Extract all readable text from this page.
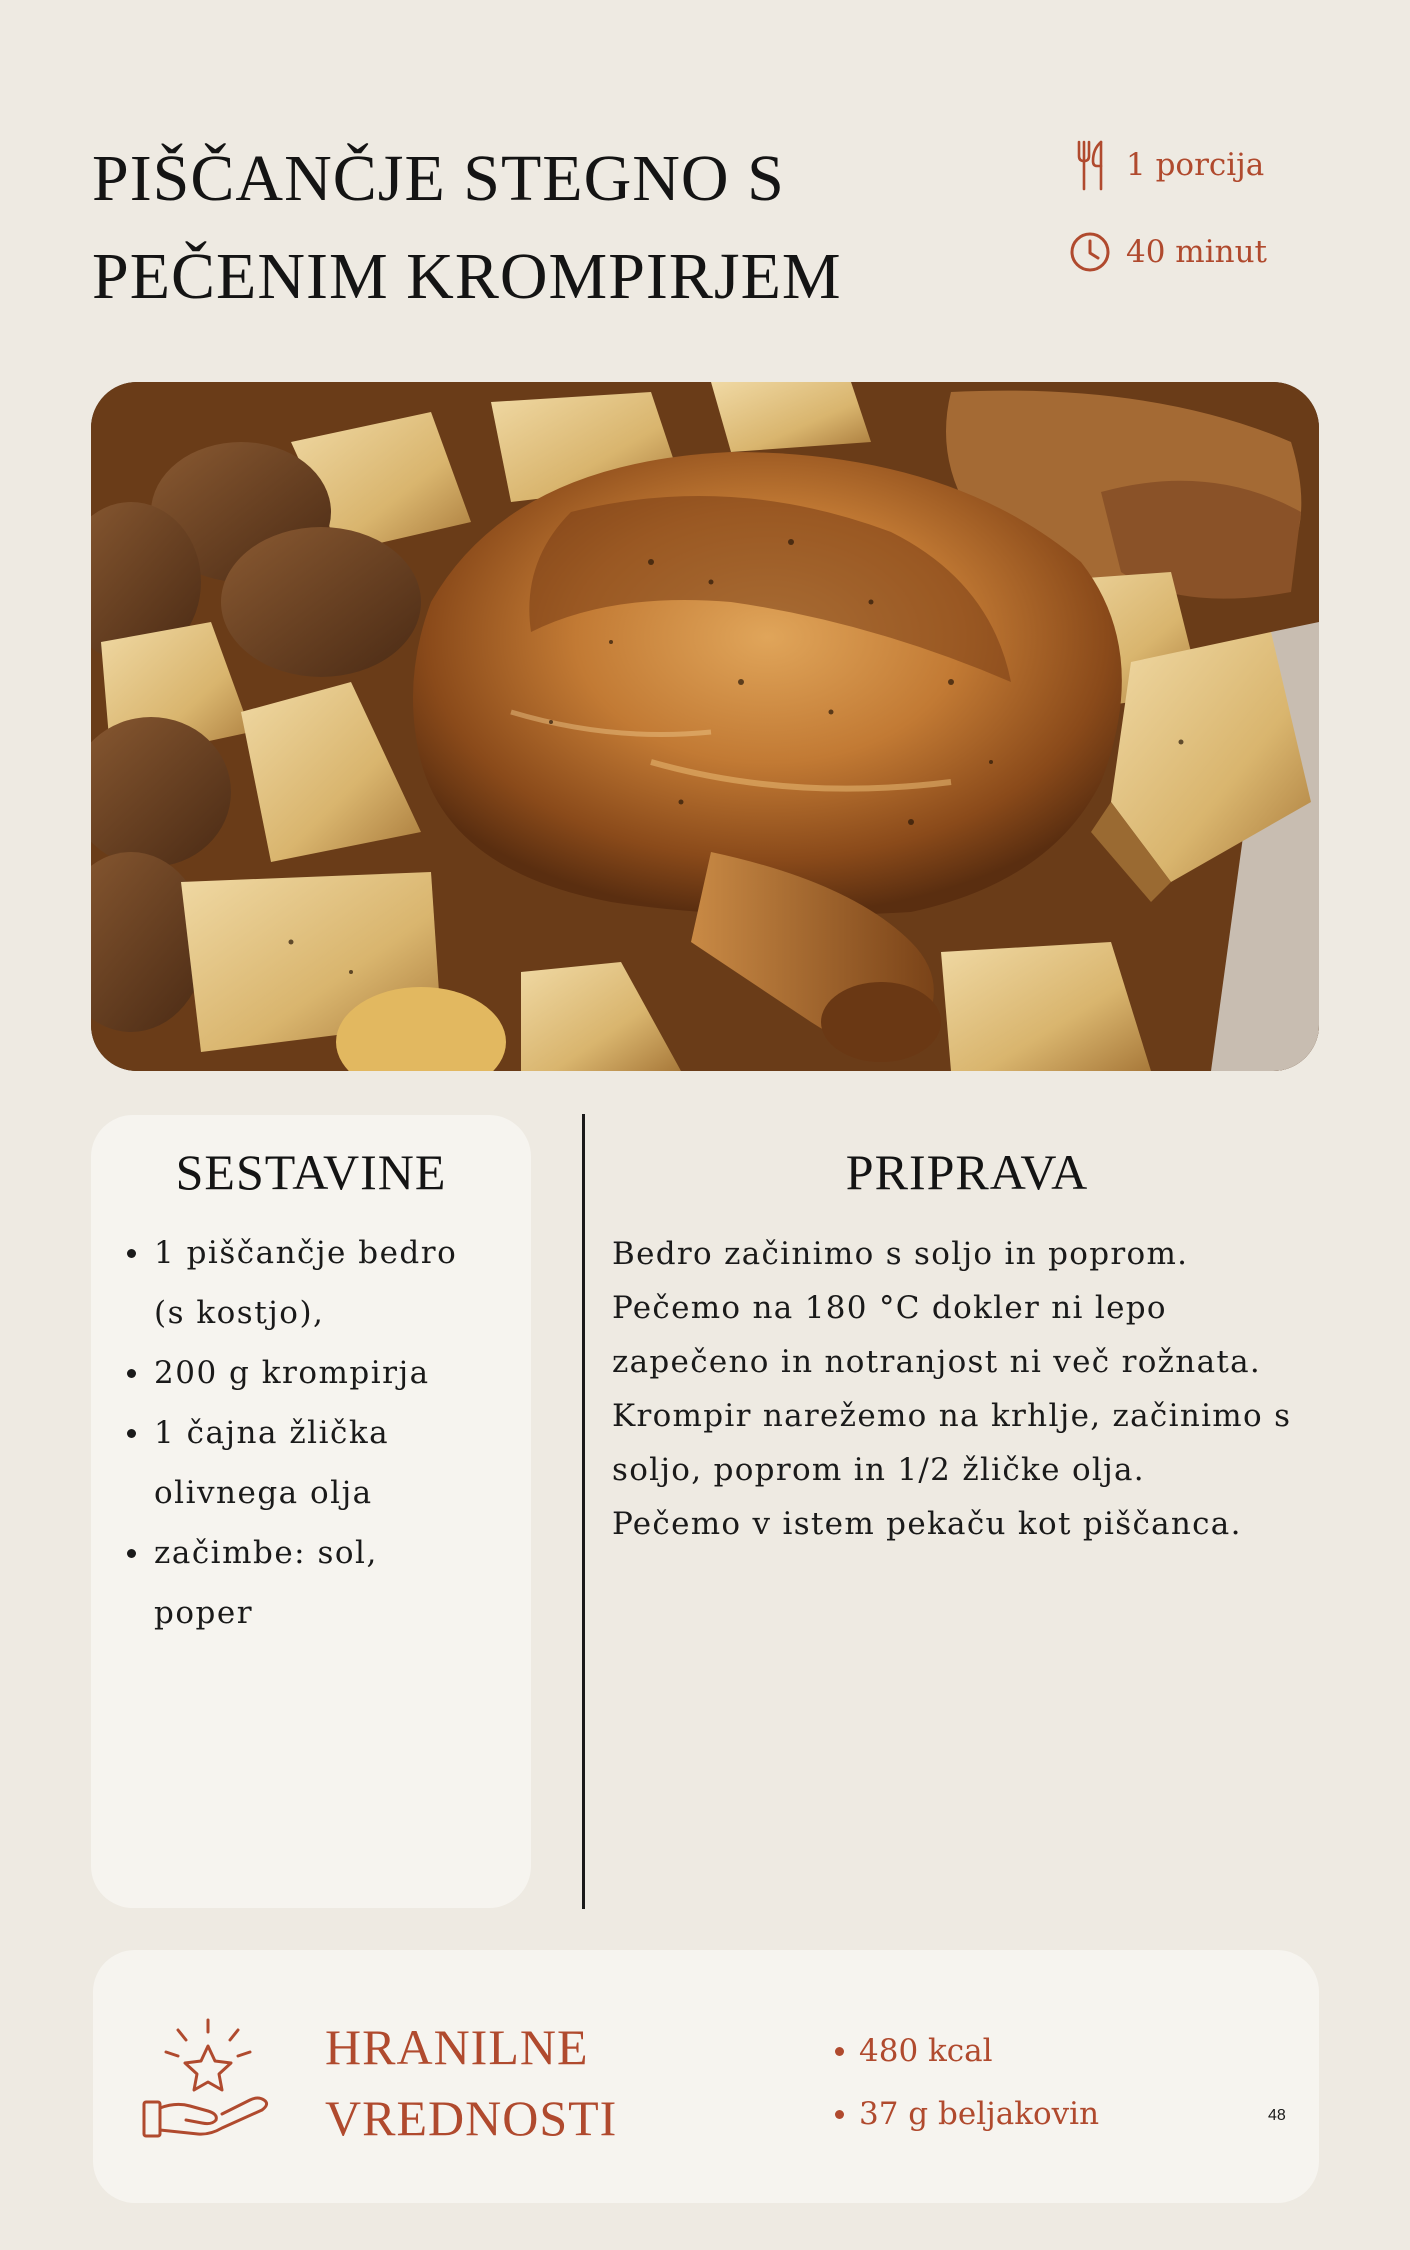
PIŠČANČJE STEGNO S
PEČENIM KROMPIRJEM
1 porcija
40 minut
SESTAVINE
1 piščančje bedro
(s kostjo),
200 g krompirja
1 čajna žlička
olivnega olja
začimbe: sol,
poper
PRIPRAVA

Bedro začinimo s soljo in poprom.

Pečemo na 180 °C dokler ni lepo

zapečeno in notranjost ni več rožnata.

Krompir narežemo na krhlje, začinimo s

soljo, poprom in 1/2 žličke olja.

Pečemo v istem pekaču kot piščanca.

HRANILNE
VREDNOSTI
480 kcal
37 g beljakovin	48
